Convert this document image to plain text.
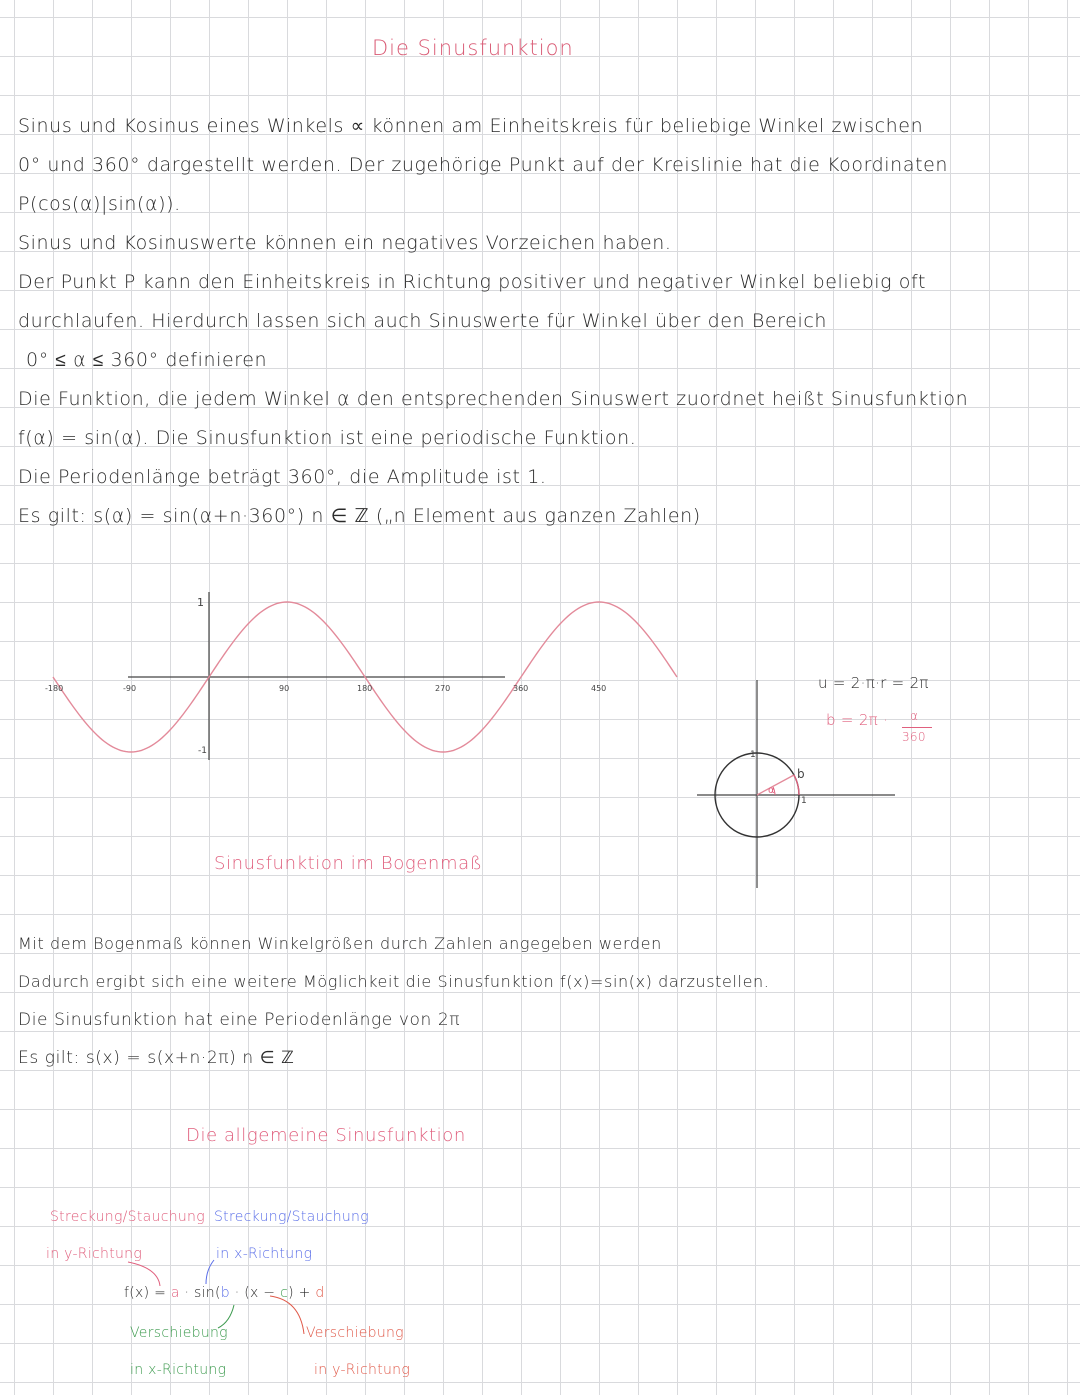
Die Sinusfunktion
Sinus und Kosinus eines Winkels ∝ können am Einheitskreis für beliebige Winkel zwischen
0° und 360° dargestellt werden. Der zugehörige Punkt auf der Kreislinie hat die Koordinaten
P(cos(α)|sin(α)).
Sinus und Kosinuswerte können ein negatives Vorzeichen haben.
Der Punkt P kann den Einheitskreis in Richtung positiver und negativer Winkel beliebig oft
durchlaufen. Hierdurch lassen sich auch Sinuswerte für Winkel über den Bereich
0° ≤ α ≤ 360° definieren
Die Funktion, die jedem Winkel α den entsprechenden Sinuswert zuordnet heißt Sinusfunktion
f(α) = sin(α). Die Sinusfunktion ist eine periodische Funktion.
Die Periodenlänge beträgt 360°, die Amplitude ist 1.
Es gilt: s(α) = sin(α+n·360°) n ∈ ℤ („n Element aus ganzen Zahlen)
-180	-90	90	180	270	360	450
1
-1	1
1
b
α
u = 2·π·r = 2π
b = 2π · α
360
Sinusfunktion im Bogenmaß
Mit dem Bogenmaß können Winkelgrößen durch Zahlen angegeben werden
Dadurch ergibt sich eine weitere Möglichkeit die Sinusfunktion f(x)=sin(x) darzustellen.
Die Sinusfunktion hat eine Periodenlänge von 2π
Es gilt: s(x) = s(x+n·2π) n ∈ ℤ
Die allgemeine Sinusfunktion
Streckung/Stauchung
in y-Richtung
Streckung/Stauchung
in x-Richtung
f(x) = a · sin(b · (x − c) + d
Verschiebung
in x-Richtung
Verschiebung
in y-Richtung
